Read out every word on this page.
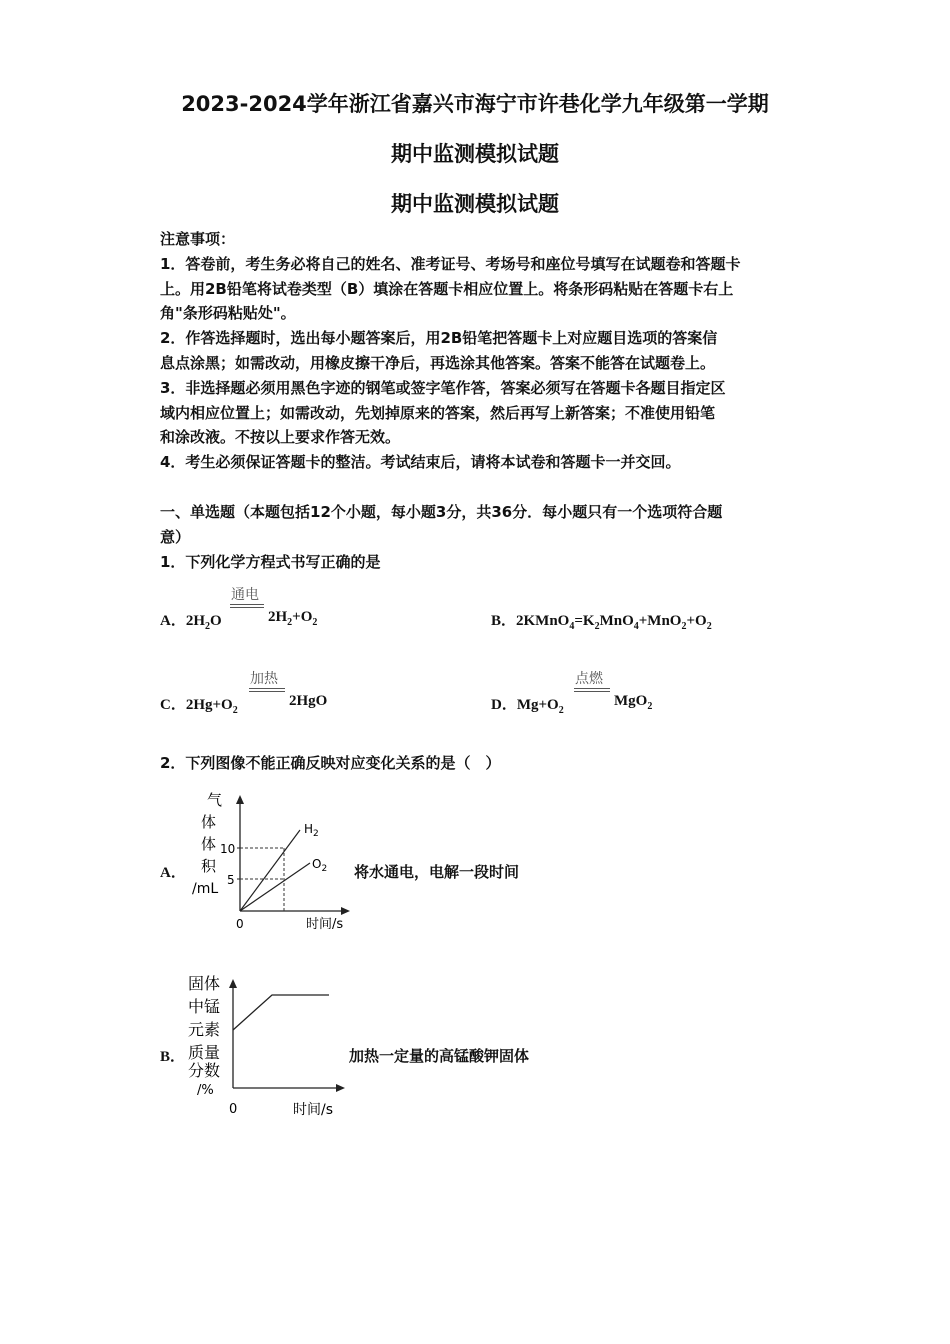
2023-2024学年浙江省嘉兴市海宁市许巷化学九年级第一学期
期中监测模拟试题
期中监测模拟试题
注意事项：
1．答卷前，考生务必将自己的姓名、准考证号、考场号和座位号填写在试题卷和答题卡
上。用2B铅笔将试卷类型（B）填涂在答题卡相应位置上。将条形码粘贴在答题卡右上
角"条形码粘贴处"。
2．作答选择题时，选出每小题答案后，用2B铅笔把答题卡上对应题目选项的答案信
息点涂黑；如需改动，用橡皮擦干净后，再选涂其他答案。答案不能答在试题卷上。
3．非选择题必须用黑色字迹的钢笔或签字笔作答，答案必须写在答题卡各题目指定区
域内相应位置上；如需改动，先划掉原来的答案，然后再写上新答案；不准使用铅笔
和涂改液。不按以上要求作答无效。
4．考生必须保证答题卡的整洁。考试结束后，请将本试卷和答题卡一并交回。
一、单选题（本题包括12个小题，每小题3分，共36分．每小题只有一个选项符合题
意）
1．下列化学方程式书写正确的是
A．$2H_2O$
通电
$2H_2+O_2$	B．$2KMnO_4=K_2MnO_4+MnO_2+O_2$
C．$2Hg+O_2$
加热
2HgO	D．$Mg+O_2$
点燃
MgO$_2$
2．下列图像不能正确反映对应变化关系的是（　）
A．
气
体
体
积
/mL
10
5
$H_2$
$O_2$
0	时间/s
将水通电，电解一段时间
B．
固体
中锰
元素
质量
分数
/%
0	时间/s
加热一定量的高锰酸钾固体
